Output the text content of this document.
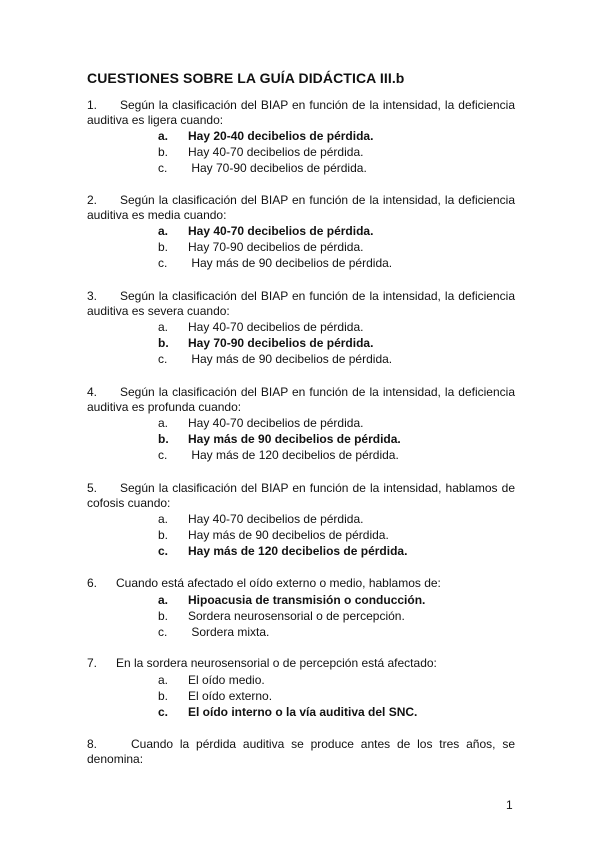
CUESTIONES SOBRE LA GUÍA DIDÁCTICA III.b
1. Según la clasificación del BIAP en función de la intensidad, la deficiencia auditiva es ligera cuando:
a. Hay 20-40 decibelios de pérdida.
b. Hay 40-70 decibelios de pérdida.
c. Hay 70-90 decibelios de pérdida.
2. Según la clasificación del BIAP en función de la intensidad, la deficiencia auditiva es media cuando:
a. Hay 40-70 decibelios de pérdida.
b. Hay 70-90 decibelios de pérdida.
c. Hay más de 90 decibelios de pérdida.
3. Según la clasificación del BIAP en función de la intensidad, la deficiencia auditiva es severa cuando:
a. Hay 40-70 decibelios de pérdida.
b. Hay 70-90 decibelios de pérdida.
c. Hay más de 90 decibelios de pérdida.
4. Según la clasificación del BIAP en función de la intensidad, la deficiencia auditiva es profunda cuando:
a. Hay 40-70 decibelios de pérdida.
b. Hay más de 90 decibelios de pérdida.
c. Hay más de 120 decibelios de pérdida.
5. Según la clasificación del BIAP en función de la intensidad, hablamos de cofosis cuando:
a. Hay 40-70 decibelios de pérdida.
b. Hay más de 90 decibelios de pérdida.
c. Hay más de 120 decibelios de pérdida.
6. Cuando está afectado el oído externo o medio, hablamos de:
a. Hipoacusia de transmisión o conducción.
b. Sordera neurosensorial o de percepción.
c. Sordera mixta.
7. En la sordera neurosensorial o de percepción está afectado:
a. El oído medio.
b. El oído externo.
c. El oído interno o la vía auditiva del SNC.
8.	Cuando la pérdida auditiva se produce antes de los tres años, se denomina:
1
